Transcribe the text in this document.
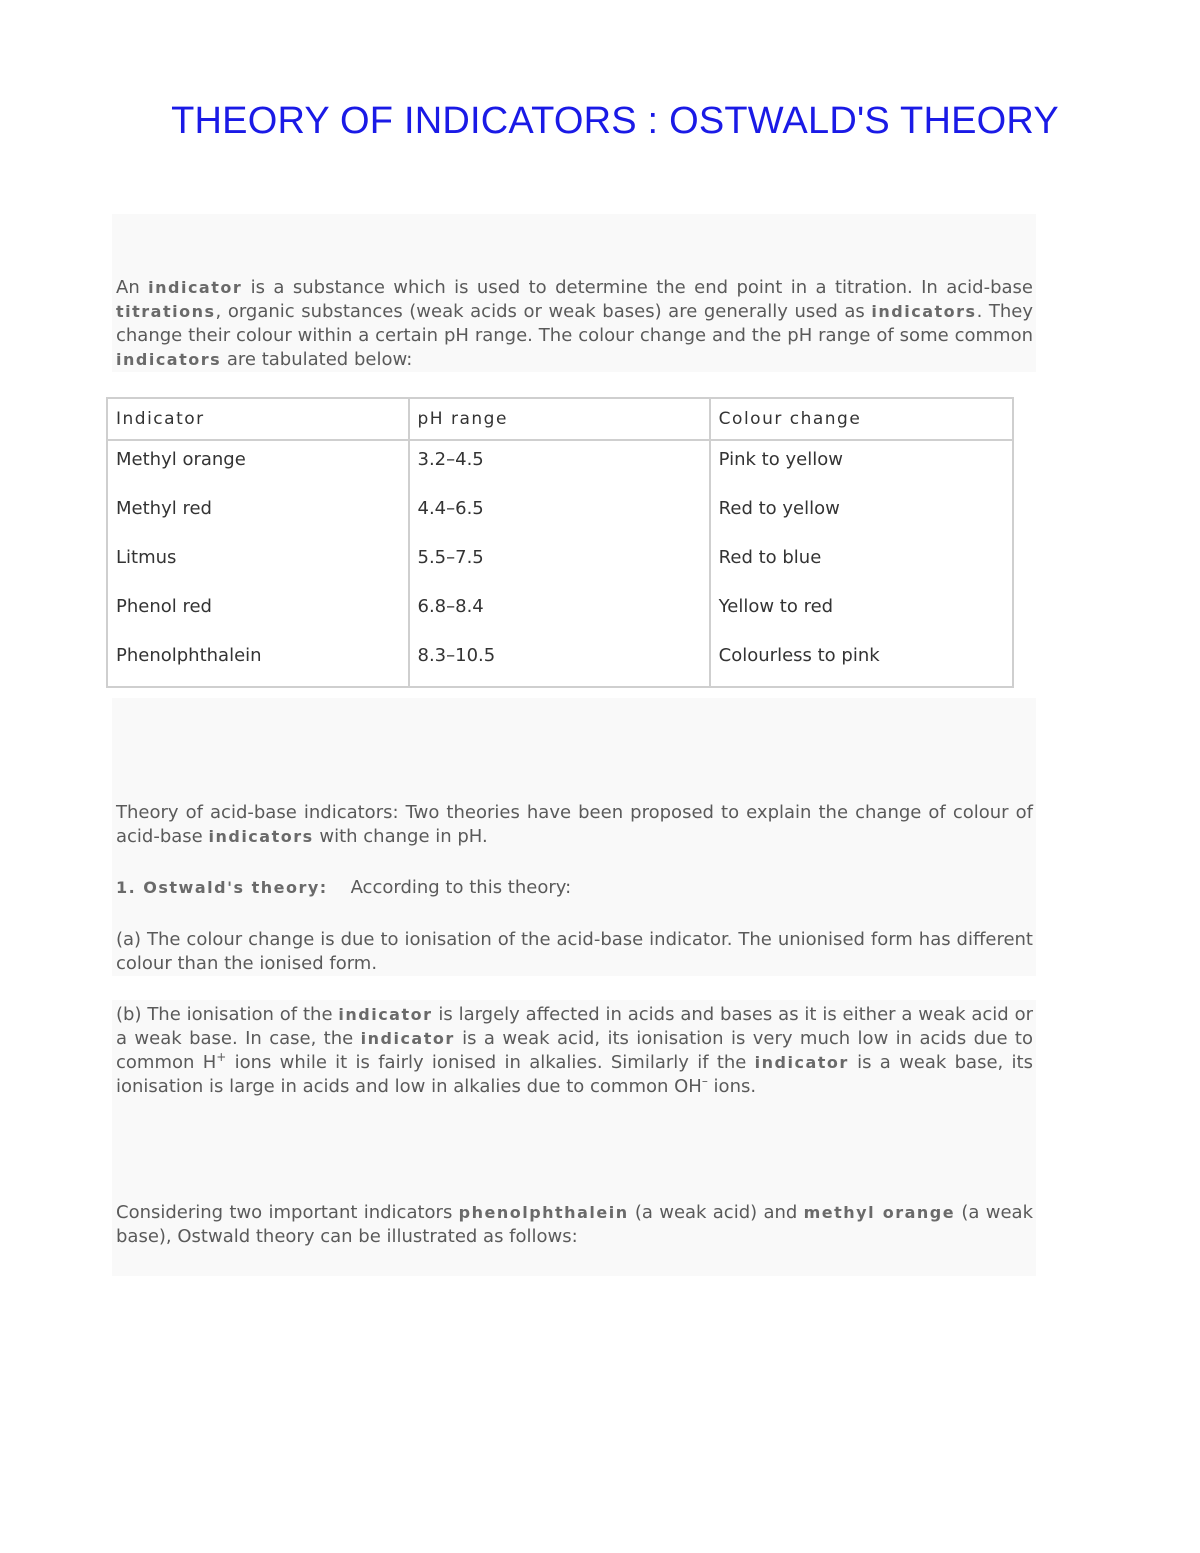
THEORY OF INDICATORS : OSTWALD'S THEORY

An indicator is a substance which is used to determine the end point in a titration. In acid-base titrations, organic substances (weak acids or weak bases) are generally used as indicators. They change their colour within a certain pH range. The colour change and the pH range of some common indicators are tabulated below:

Indicator	pH range	Colour change
Methyl orange	3.2–4.5	Pink to yellow
Methyl red	4.4–6.5	Red to yellow
Litmus	5.5–7.5	Red to blue
Phenol red	6.8–8.4	Yellow to red
Phenolphthalein	8.3–10.5	Colourless to pink

Theory of acid-base indicators: Two theories have been proposed to explain the change of colour of acid-base indicators with change in pH.

1. Ostwald's theory: According to this theory:

(a) The colour change is due to ionisation of the acid-base indicator. The unionised form has different colour than the ionised form.

(b) The ionisation of the indicator is largely affected in acids and bases as it is either a weak acid or a weak base. In case, the indicator is a weak acid, its ionisation is very much low in acids due to common H+ ions while it is fairly ionised in alkalies. Similarly if the indicator is a weak base, its ionisation is large in acids and low in alkalies due to common OH– ions.

Considering two important indicators phenolphthalein (a weak acid) and methyl orange (a weak base), Ostwald theory can be illustrated as follows:
